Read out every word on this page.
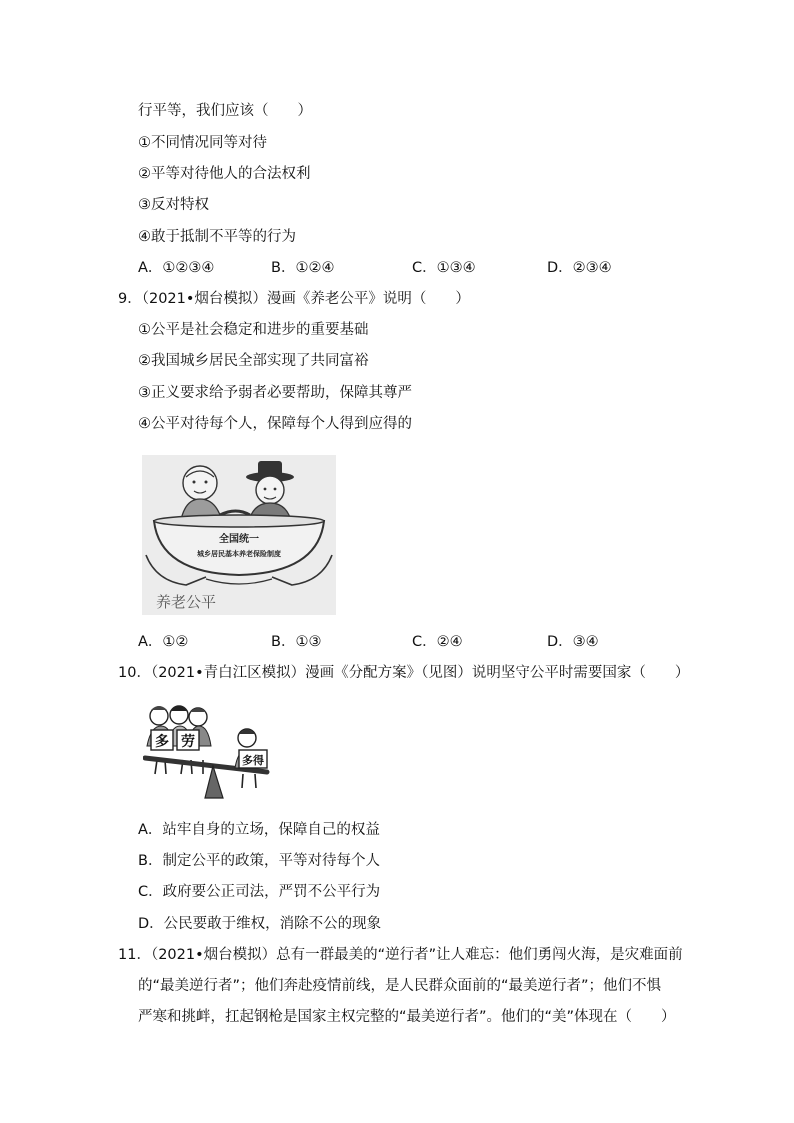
行平等，我们应该（　　）
①不同情况同等对待
②平等对待他人的合法权利
③反对特权
④敢于抵制不平等的行为
A．①②③④	B．①②④	C．①③④	D．②③④
9．（2021•烟台模拟）漫画《养老公平》说明（　　）
①公平是社会稳定和进步的重要基础
②我国城乡居民全部实现了共同富裕
③正义要求给予弱者必要帮助，保障其尊严
④公平对待每个人，保障每个人得到应得的
全国统一
城乡居民基本养老保险制度
养老公平
A．①②	B．①③	C．②④	D．③④
10．（2021•青白江区模拟）漫画《分配方案》（见图）说明坚守公平时需要国家（　　）
多 劳
多得
A．站牢自身的立场，保障自己的权益
B．制定公平的政策，平等对待每个人
C．政府要公正司法，严罚不公平行为
D．公民要敢于维权，消除不公的现象
11．（2021•烟台模拟）总有一群最美的“逆行者”让人难忘：他们勇闯火海，是灾难面前
的“最美逆行者”；他们奔赴疫情前线，是人民群众面前的“最美逆行者”；他们不惧
严寒和挑衅，扛起钢枪是国家主权完整的“最美逆行者”。他们的“美”体现在（　　）
